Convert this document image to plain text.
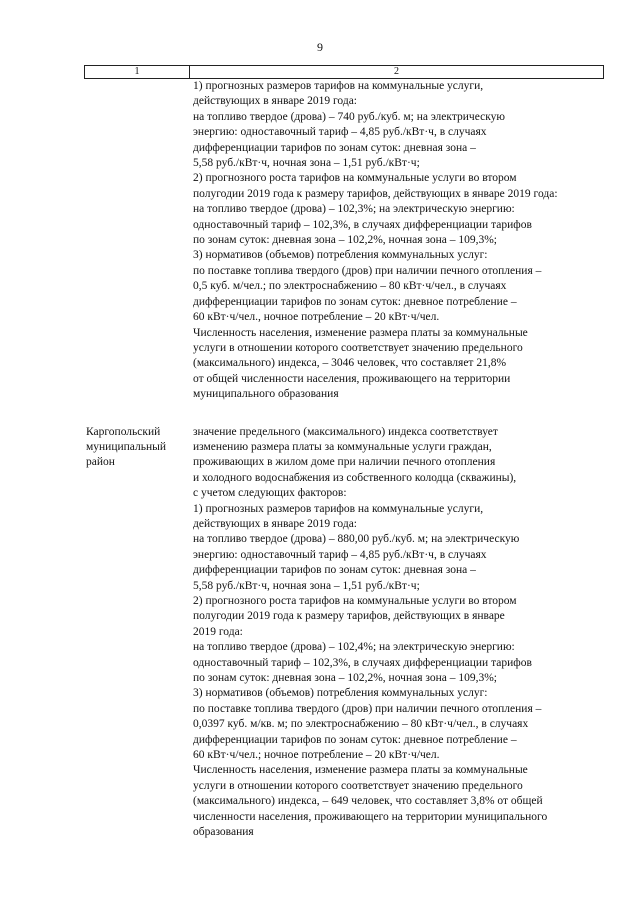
9
1	2
1) прогнозных размеров тарифов на коммунальные услуги,
действующих в январе 2019 года:
на топливо твердое (дрова) – 740 руб./куб. м; на электрическую
энергию: одноставочный тариф – 4,85 руб./кВт·ч, в случаях
дифференциации тарифов по зонам суток: дневная зона –
5,58 руб./кВт·ч, ночная зона – 1,51 руб./кВт·ч;
2) прогнозного роста тарифов на коммунальные услуги во втором
полугодии 2019 года к размеру тарифов, действующих в январе 2019 года:
на топливо твердое (дрова) – 102,3%; на электрическую энергию:
одноставочный тариф – 102,3%, в случаях дифференциации тарифов
по зонам суток: дневная зона – 102,2%, ночная зона – 109,3%;
3) нормативов (объемов) потребления коммунальных услуг:
по поставке топлива твердого (дров) при наличии печного отопления –
0,5 куб. м/чел.; по электроснабжению – 80 кВт·ч/чел., в случаях
дифференциации тарифов по зонам суток: дневное потребление –
60 кВт·ч/чел., ночное потребление – 20 кВт·ч/чел.
Численность населения, изменение размера платы за коммунальные
услуги в отношении которого соответствует значению предельного
(максимального) индекса, – 3046 человек, что составляет 21,8%
от общей численности населения, проживающего на территории
муниципального образования
Каргопольский
муниципальный
район
значение предельного (максимального) индекса соответствует
изменению размера платы за коммунальные услуги граждан,
проживающих в жилом доме при наличии печного отопления
и холодного водоснабжения из собственного колодца (скважины),
с учетом следующих факторов:
1) прогнозных размеров тарифов на коммунальные услуги,
действующих в январе 2019 года:
на топливо твердое (дрова) – 880,00 руб./куб. м; на электрическую
энергию: одноставочный тариф – 4,85 руб./кВт·ч, в случаях
дифференциации тарифов по зонам суток: дневная зона –
5,58 руб./кВт·ч, ночная зона – 1,51 руб./кВт·ч;
2) прогнозного роста тарифов на коммунальные услуги во втором
полугодии 2019 года к размеру тарифов, действующих в январе
2019 года:
на топливо твердое (дрова) – 102,4%; на электрическую энергию:
одноставочный тариф – 102,3%, в случаях дифференциации тарифов
по зонам суток: дневная зона – 102,2%, ночная зона – 109,3%;
3) нормативов (объемов) потребления коммунальных услуг:
по поставке топлива твердого (дров) при наличии печного отопления –
0,0397 куб. м/кв. м; по электроснабжению – 80 кВт·ч/чел., в случаях
дифференциации тарифов по зонам суток: дневное потребление –
60 кВт·ч/чел.; ночное потребление – 20 кВт·ч/чел.
Численность населения, изменение размера платы за коммунальные
услуги в отношении которого соответствует значению предельного
(максимального) индекса, – 649 человек, что составляет 3,8% от общей
численности населения, проживающего на территории муниципального
образования
